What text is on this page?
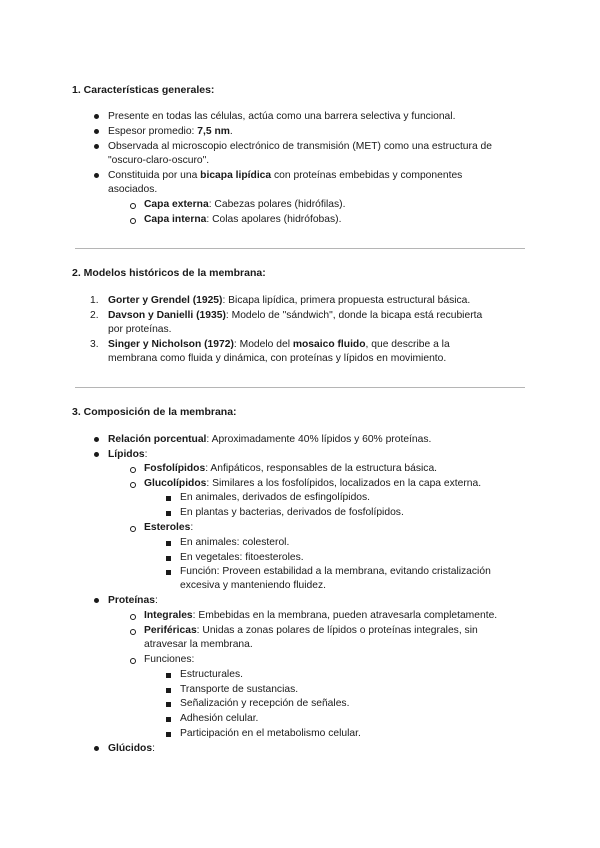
1. Características generales:
Presente en todas las células, actúa como una barrera selectiva y funcional.
Espesor promedio: 7,5 nm.
Observada al microscopio electrónico de transmisión (MET) como una estructura de
"oscuro-claro-oscuro".
Constituida por una bicapa lipídica con proteínas embebidas y componentes
asociados.
Capa externa: Cabezas polares (hidrófilas).
Capa interna: Colas apolares (hidrófobas).
2. Modelos históricos de la membrana:
1. Gorter y Grendel (1925): Bicapa lipídica, primera propuesta estructural básica.
2. Davson y Danielli (1935): Modelo de "sándwich", donde la bicapa está recubierta
por proteínas.
3. Singer y Nicholson (1972): Modelo del mosaico fluido, que describe a la
membrana como fluida y dinámica, con proteínas y lípidos en movimiento.
3. Composición de la membrana:
Relación porcentual: Aproximadamente 40% lípidos y 60% proteínas.
Lípidos:
Fosfolípidos: Anfipáticos, responsables de la estructura básica.
Glucolípidos: Similares a los fosfolípidos, localizados en la capa externa.
En animales, derivados de esfingolípidos.
En plantas y bacterias, derivados de fosfolípidos.
Esteroles:
En animales: colesterol.
En vegetales: fitoesteroles.
Función: Proveen estabilidad a la membrana, evitando cristalización
excesiva y manteniendo fluidez.
Proteínas:
Integrales: Embebidas en la membrana, pueden atravesarla completamente.
Periféricas: Unidas a zonas polares de lípidos o proteínas integrales, sin
atravesar la membrana.
Funciones:
Estructurales.
Transporte de sustancias.
Señalización y recepción de señales.
Adhesión celular.
Participación en el metabolismo celular.
Glúcidos:
